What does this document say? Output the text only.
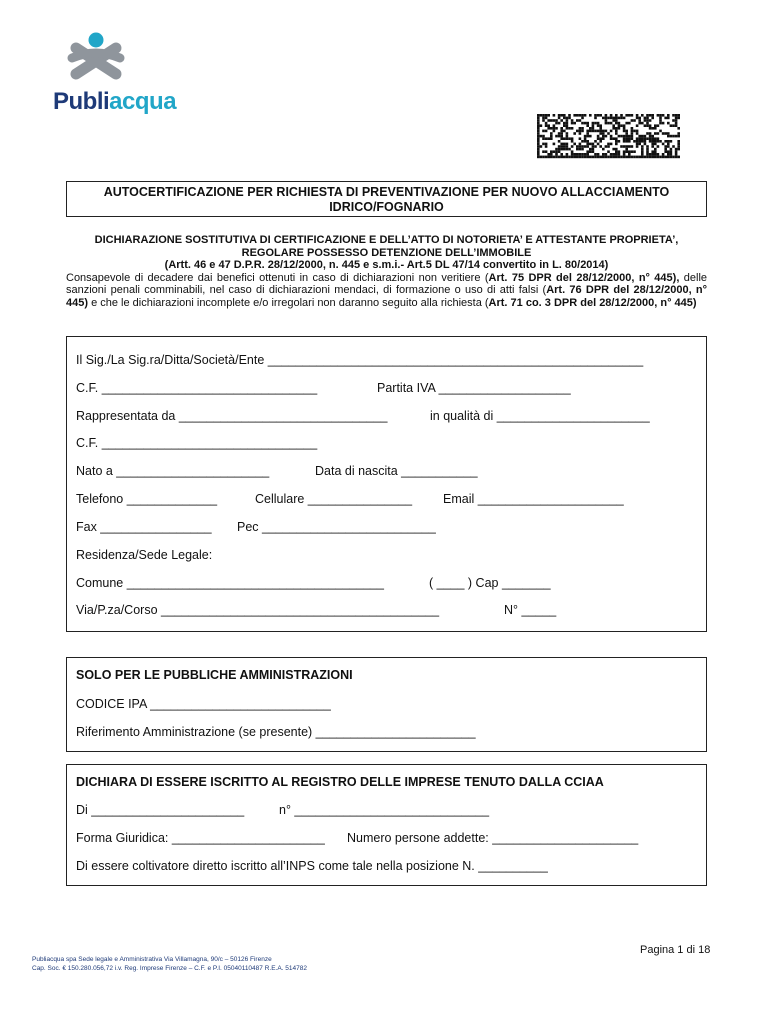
Publiacqua
AUTOCERTIFICAZIONE PER RICHIESTA DI PREVENTIVAZIONE PER NUOVO ALLACCIAMENTO
IDRICO/FOGNARIO
DICHIARAZIONE SOSTITUTIVA DI CERTIFICAZIONE E DELL’ATTO DI NOTORIETA’ E ATTESTANTE PROPRIETA’,
REGOLARE POSSESSO DETENZIONE DELL’IMMOBILE
(Artt. 46 e 47 D.P.R. 28/12/2000, n. 445 e s.m.i.- Art.5 DL 47/14 convertito in L. 80/2014)
Consapevole di decadere dai benefici ottenuti in caso di dichiarazioni non veritiere (Art. 75 DPR del 28/12/2000, n° 445), delle sanzioni penali comminabili, nel caso di dichiarazioni mendaci, di formazione o uso di atti falsi (Art. 76 DPR del 28/12/2000, n° 445) e che le dichiarazioni incomplete e/o irregolari non daranno seguito alla richiesta (Art. 71 co. 3 DPR del 28/12/2000, n° 445)
Il Sig./La Sig.ra/Ditta/Società/Ente ______________________________________________________
C.F. _______________________________	Partita IVA ___________________
Rappresentata da ______________________________	in qualità di ______________________
C.F. _______________________________
Nato a ______________________	Data di nascita ___________
Telefono _____________	Cellulare _______________ Email _____________________
Fax ________________ Pec _________________________
Residenza/Sede Legale:
Comune _____________________________________	( ____ ) Cap _______
Via/P.za/Corso ________________________________________	N° _____
SOLO PER LE PUBBLICHE AMMINISTRAZIONI
CODICE IPA __________________________
Riferimento Amministrazione (se presente) _______________________
DICHIARA DI ESSERE ISCRITTO AL REGISTRO DELLE IMPRESE TENUTO DALLA CCIAA
Di ______________________	n° ____________________________
Forma Giuridica: ______________________ Numero persone addette: _____________________
Di essere coltivatore diretto iscritto all’INPS come tale nella posizione N. __________
Pagina 1 di 18
Publiacqua spa Sede legale e Amministrativa Via Villamagna, 90/c – 50126 Firenze
Cap. Soc. € 150.280.056,72 i.v. Reg. Imprese Firenze – C.F. e P.I. 05040110487 R.E.A. 514782
